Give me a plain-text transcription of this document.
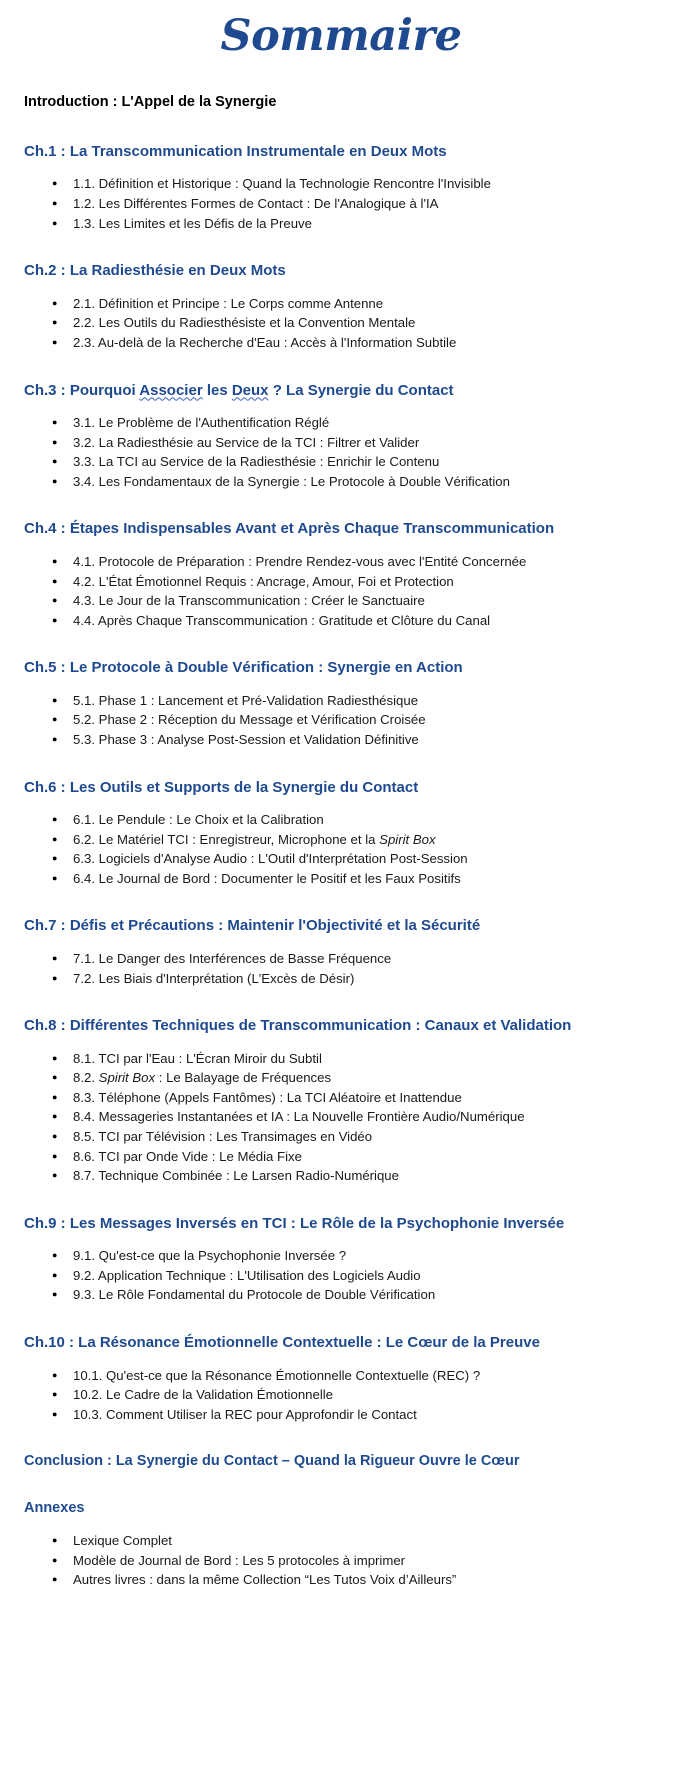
Sommaire
Introduction : L'Appel de la Synergie
Ch.1 : La Transcommunication Instrumentale en Deux Mots
● 1.1. Définition et Historique : Quand la Technologie Rencontre l'Invisible
● 1.2. Les Différentes Formes de Contact : De l'Analogique à l'IA
● 1.3. Les Limites et les Défis de la Preuve
Ch.2 : La Radiesthésie en Deux Mots
● 2.1. Définition et Principe : Le Corps comme Antenne
● 2.2. Les Outils du Radiesthésiste et la Convention Mentale
● 2.3. Au-delà de la Recherche d'Eau : Accès à l'Information Subtile
Ch.3 : Pourquoi Associer les Deux ? La Synergie du Contact
● 3.1. Le Problème de l'Authentification Réglé
● 3.2. La Radiesthésie au Service de la TCI : Filtrer et Valider
● 3.3. La TCI au Service de la Radiesthésie : Enrichir le Contenu
● 3.4. Les Fondamentaux de la Synergie : Le Protocole à Double Vérification
Ch.4 : Étapes Indispensables Avant et Après Chaque Transcommunication
● 4.1. Protocole de Préparation : Prendre Rendez-vous avec l'Entité Concernée
● 4.2. L'État Émotionnel Requis : Ancrage, Amour, Foi et Protection
● 4.3. Le Jour de la Transcommunication : Créer le Sanctuaire
● 4.4. Après Chaque Transcommunication : Gratitude et Clôture du Canal
Ch.5 : Le Protocole à Double Vérification : Synergie en Action
● 5.1. Phase 1 : Lancement et Pré-Validation Radiesthésique
● 5.2. Phase 2 : Réception du Message et Vérification Croisée
● 5.3. Phase 3 : Analyse Post-Session et Validation Définitive
Ch.6 : Les Outils et Supports de la Synergie du Contact
● 6.1. Le Pendule : Le Choix et la Calibration
● 6.2. Le Matériel TCI : Enregistreur, Microphone et la Spirit Box
● 6.3. Logiciels d'Analyse Audio : L'Outil d'Interprétation Post-Session
● 6.4. Le Journal de Bord : Documenter le Positif et les Faux Positifs
Ch.7 : Défis et Précautions : Maintenir l'Objectivité et la Sécurité
● 7.1. Le Danger des Interférences de Basse Fréquence
● 7.2. Les Biais d'Interprétation (L'Excès de Désir)
Ch.8 : Différentes Techniques de Transcommunication : Canaux et Validation
● 8.1. TCI par l'Eau : L'Écran Miroir du Subtil
● 8.2. Spirit Box : Le Balayage de Fréquences
● 8.3. Téléphone (Appels Fantômes) : La TCI Aléatoire et Inattendue
● 8.4. Messageries Instantanées et IA : La Nouvelle Frontière Audio/Numérique
● 8.5. TCI par Télévision : Les Transimages en Vidéo
● 8.6. TCI par Onde Vide : Le Média Fixe
● 8.7. Technique Combinée : Le Larsen Radio-Numérique
Ch.9 : Les Messages Inversés en TCI : Le Rôle de la Psychophonie Inversée
● 9.1. Qu'est-ce que la Psychophonie Inversée ?
● 9.2. Application Technique : L'Utilisation des Logiciels Audio
● 9.3. Le Rôle Fondamental du Protocole de Double Vérification
Ch.10 : La Résonance Émotionnelle Contextuelle : Le Cœur de la Preuve
● 10.1. Qu'est-ce que la Résonance Émotionnelle Contextuelle (REC) ?
● 10.2. Le Cadre de la Validation Émotionnelle
● 10.3. Comment Utiliser la REC pour Approfondir le Contact
Conclusion : La Synergie du Contact – Quand la Rigueur Ouvre le Cœur
Annexes
● Lexique Complet
● Modèle de Journal de Bord : Les 5 protocoles à imprimer
● Autres livres : dans la même Collection “Les Tutos Voix d’Ailleurs”
